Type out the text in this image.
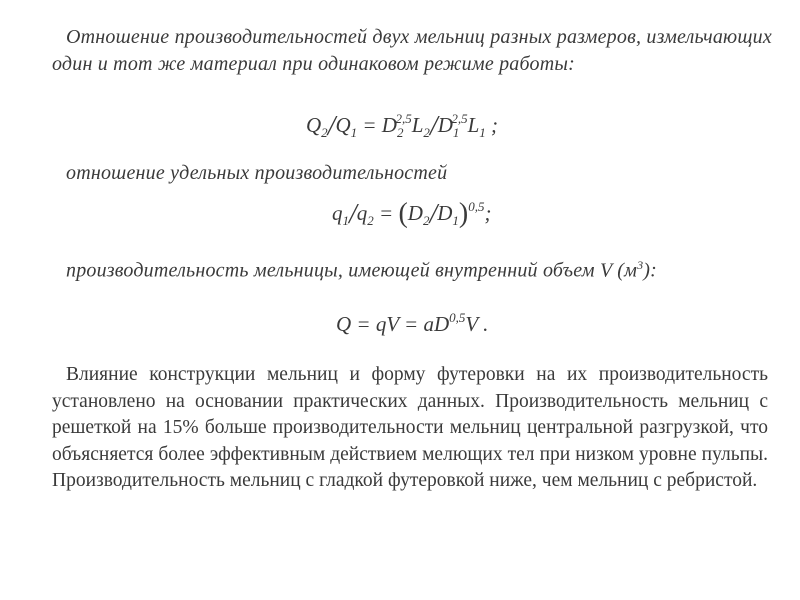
Отношение производительностей двух мельниц разных размеров, измельчающих
один и тот же материал при одинаковом режиме работы:
$Q_2/Q_1 = D_2^{2,5}L_2/D_1^{2,5}L_1$ ;
отношение удельных производительностей
$q_1/q_2 = (D_2/D_1)^{0,5}$;
производительность мельницы, имеющей внутренний объем V $(м^3)$:
Q = qV = aD$^{0,5}$V .
Влияние конструкции мельниц и форму футеровки на их производительность установлено на основании практических данных. Производительность мельниц с решеткой на 15% больше производительности мельниц центральной разгрузкой, что объясняется более эффективным действием мелющих тел при низком уровне пульпы. Производительность мельниц с гладкой футеровкой ниже, чем мельниц с ребристой.
